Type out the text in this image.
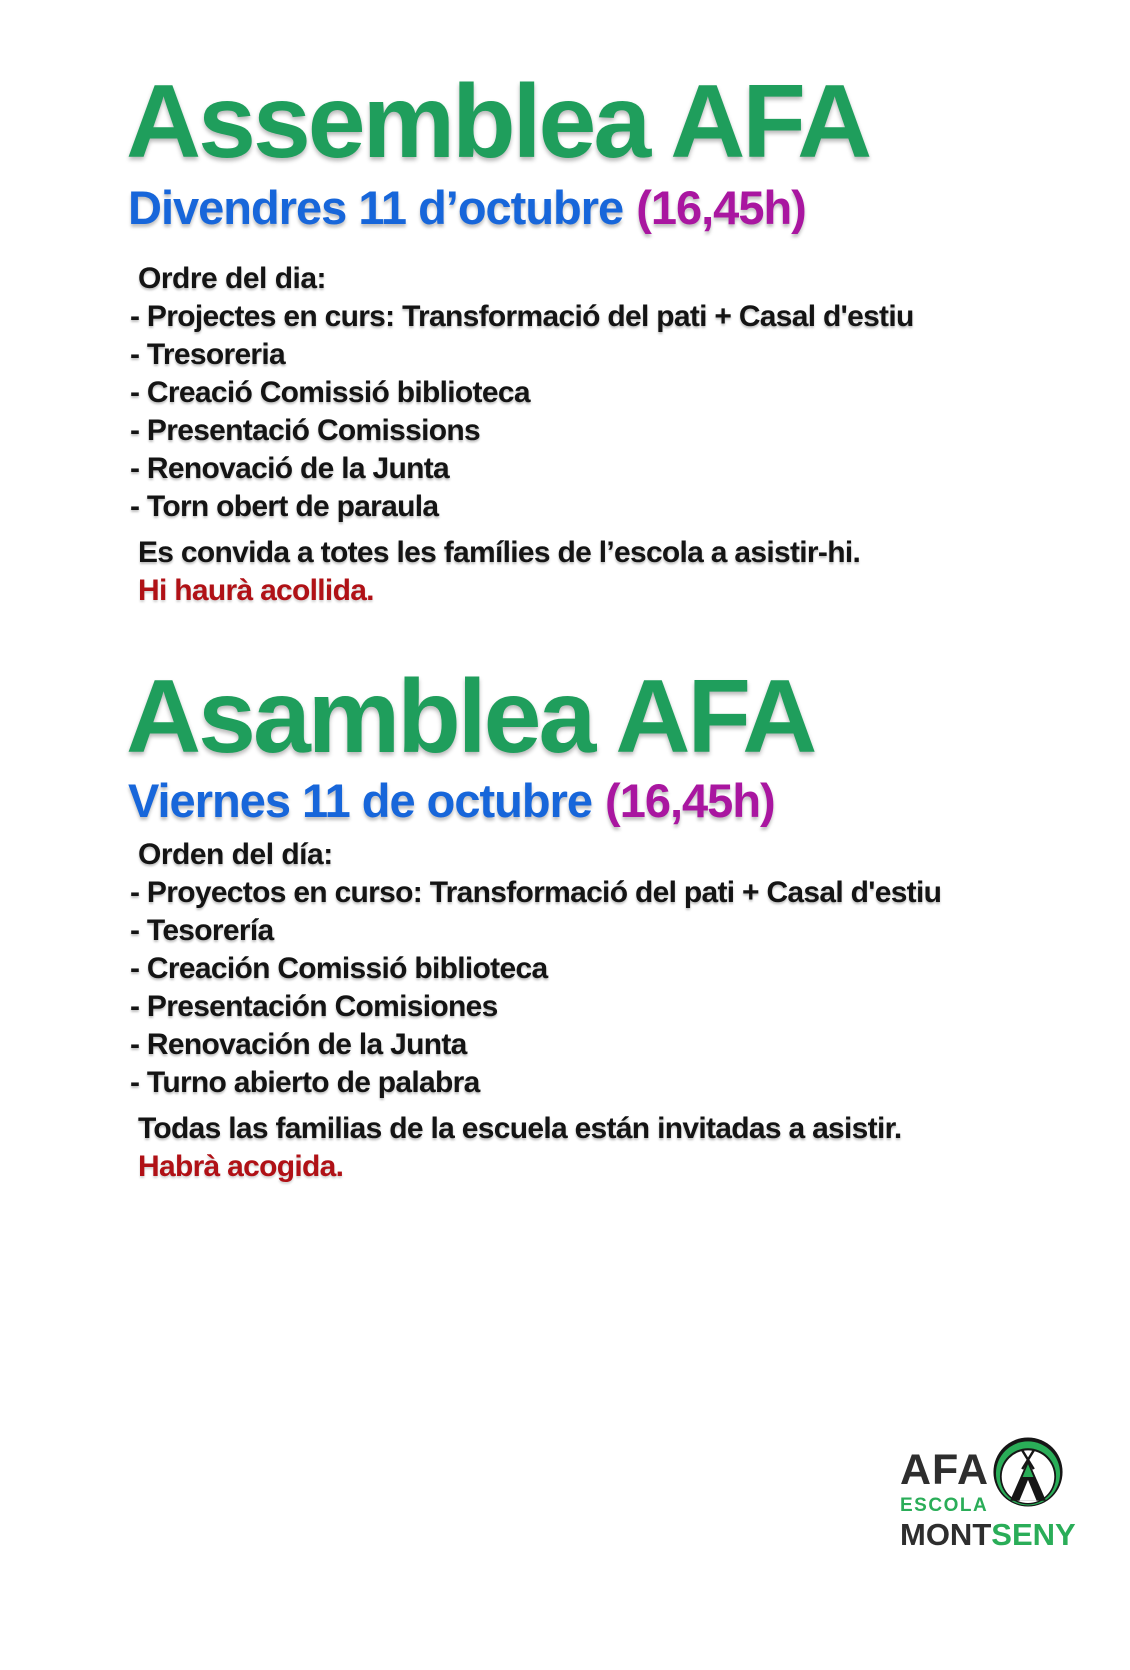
Assemblea AFA
Divendres 11 d’octubre (16,45h)
Ordre del dia:
- Projectes en curs: Transformació del pati + Casal d'estiu
- Tresoreria
- Creació Comissió biblioteca
- Presentació Comissions
- Renovació de la Junta
- Torn obert de paraula

Es convida a totes les famílies de l’escola a asistir-hi.

Hi haurà acollida.

Asamblea AFA
Viernes 11 de octubre (16,45h)
Orden del día:
- Proyectos en curso: Transformació del pati + Casal d'estiu
- Tesorería
- Creación Comissió biblioteca
- Presentación Comisiones
- Renovación de la Junta
- Turno abierto de palabra

Todas las familias de la escuela están invitadas a asistir.

Habrà acogida.

AFA
ESCOLA
MONTSENY
